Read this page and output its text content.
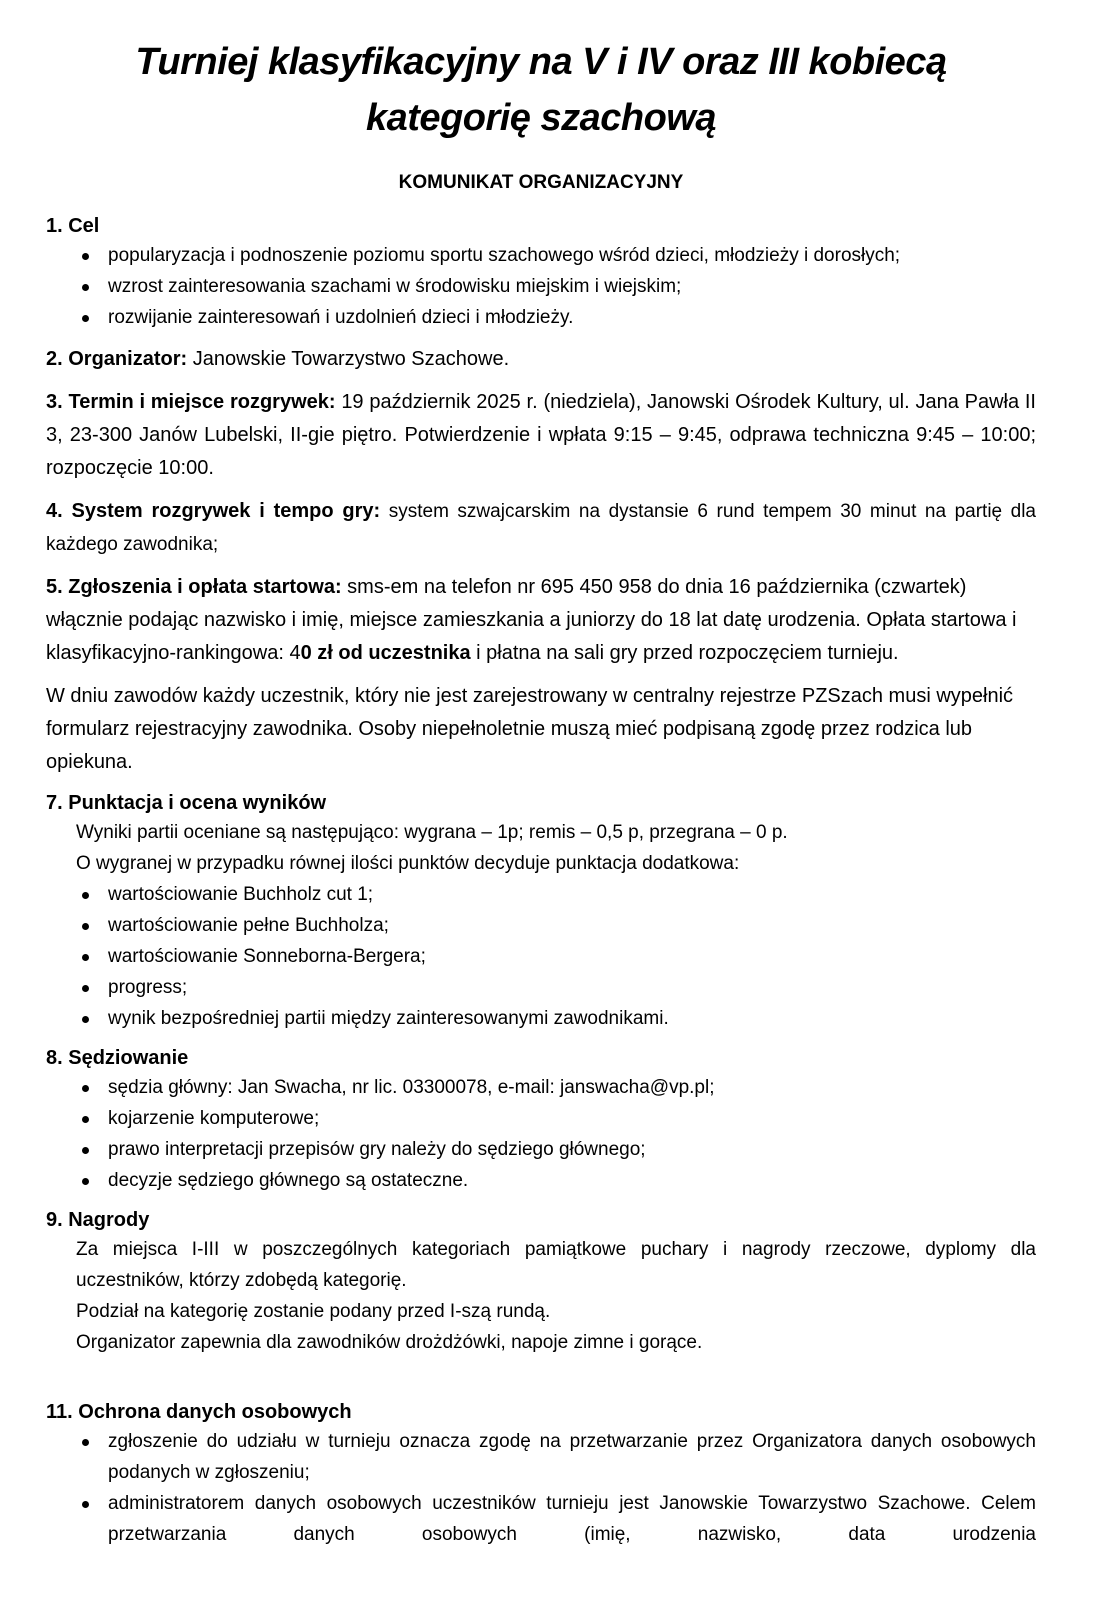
Turniej klasyfikacyjny na V i IV oraz III kobiecą
kategorię szachową
KOMUNIKAT ORGANIZACYJNY
1. Cel
popularyzacja i podnoszenie poziomu sportu szachowego wśród dzieci, młodzieży i dorosłych;
wzrost zainteresowania szachami w środowisku miejskim i wiejskim;
rozwijanie zainteresowań i uzdolnień dzieci i młodzieży.

2. Organizator: Janowskie Towarzystwo Szachowe.

3. Termin i miejsce rozgrywek: 19 październik 2025 r. (niedziela), Janowski Ośrodek Kultury, ul. Jana Pawła II 3, 23-300 Janów Lubelski, II-gie piętro. Potwierdzenie i wpłata 9:15 – 9:45, odprawa techniczna 9:45 – 10:00; rozpoczęcie 10:00.

4. System rozgrywek i tempo gry: system szwajcarskim na dystansie 6 rund tempem 30 minut na partię dla każdego zawodnika;

5. Zgłoszenia i opłata startowa: sms-em na telefon nr 695 450 958 do dnia 16 października (czwartek) włącznie podając nazwisko i imię, miejsce zamieszkania a juniorzy do 18 lat datę urodzenia. Opłata startowa i klasyfikacyjno-rankingowa: 40 zł od uczestnika i płatna na sali gry przed rozpoczęciem turnieju.

W dniu zawodów każdy uczestnik, który nie jest zarejestrowany w centralny rejestrze PZSzach musi wypełnić formularz rejestracyjny zawodnika. Osoby niepełnoletnie muszą mieć podpisaną zgodę przez rodzica lub opiekuna.

7. Punktacja i ocena wyników

Wyniki partii oceniane są następująco: wygrana – 1p; remis – 0,5 p, przegrana – 0 p.

O wygranej w przypadku równej ilości punktów decyduje punktacja dodatkowa:

wartościowanie Buchholz cut 1;
wartościowanie pełne Buchholza;
wartościowanie Sonneborna-Bergera;
progress;
wynik bezpośredniej partii między zainteresowanymi zawodnikami.
8. Sędziowanie
sędzia główny: Jan Swacha, nr lic. 03300078, e-mail: janswacha@vp.pl;
kojarzenie komputerowe;
prawo interpretacji przepisów gry należy do sędziego głównego;
decyzje sędziego głównego są ostateczne.
9. Nagrody

Za miejsca I-III w poszczególnych kategoriach pamiątkowe puchary i nagrody rzeczowe, dyplomy dla uczestników, którzy zdobędą kategorię.

Podział na kategorię zostanie podany przed I-szą rundą.

Organizator zapewnia dla zawodników drożdżówki, napoje zimne i gorące.

11. Ochrona danych osobowych
zgłoszenie do udziału w turnieju oznacza zgodę na przetwarzanie przez Organizatora danych osobowych podanych w zgłoszeniu;
administratorem danych osobowych uczestników turnieju jest Janowskie Towarzystwo Szachowe. Celem przetwarzania danych osobowych (imię, nazwisko, data urodzenia
